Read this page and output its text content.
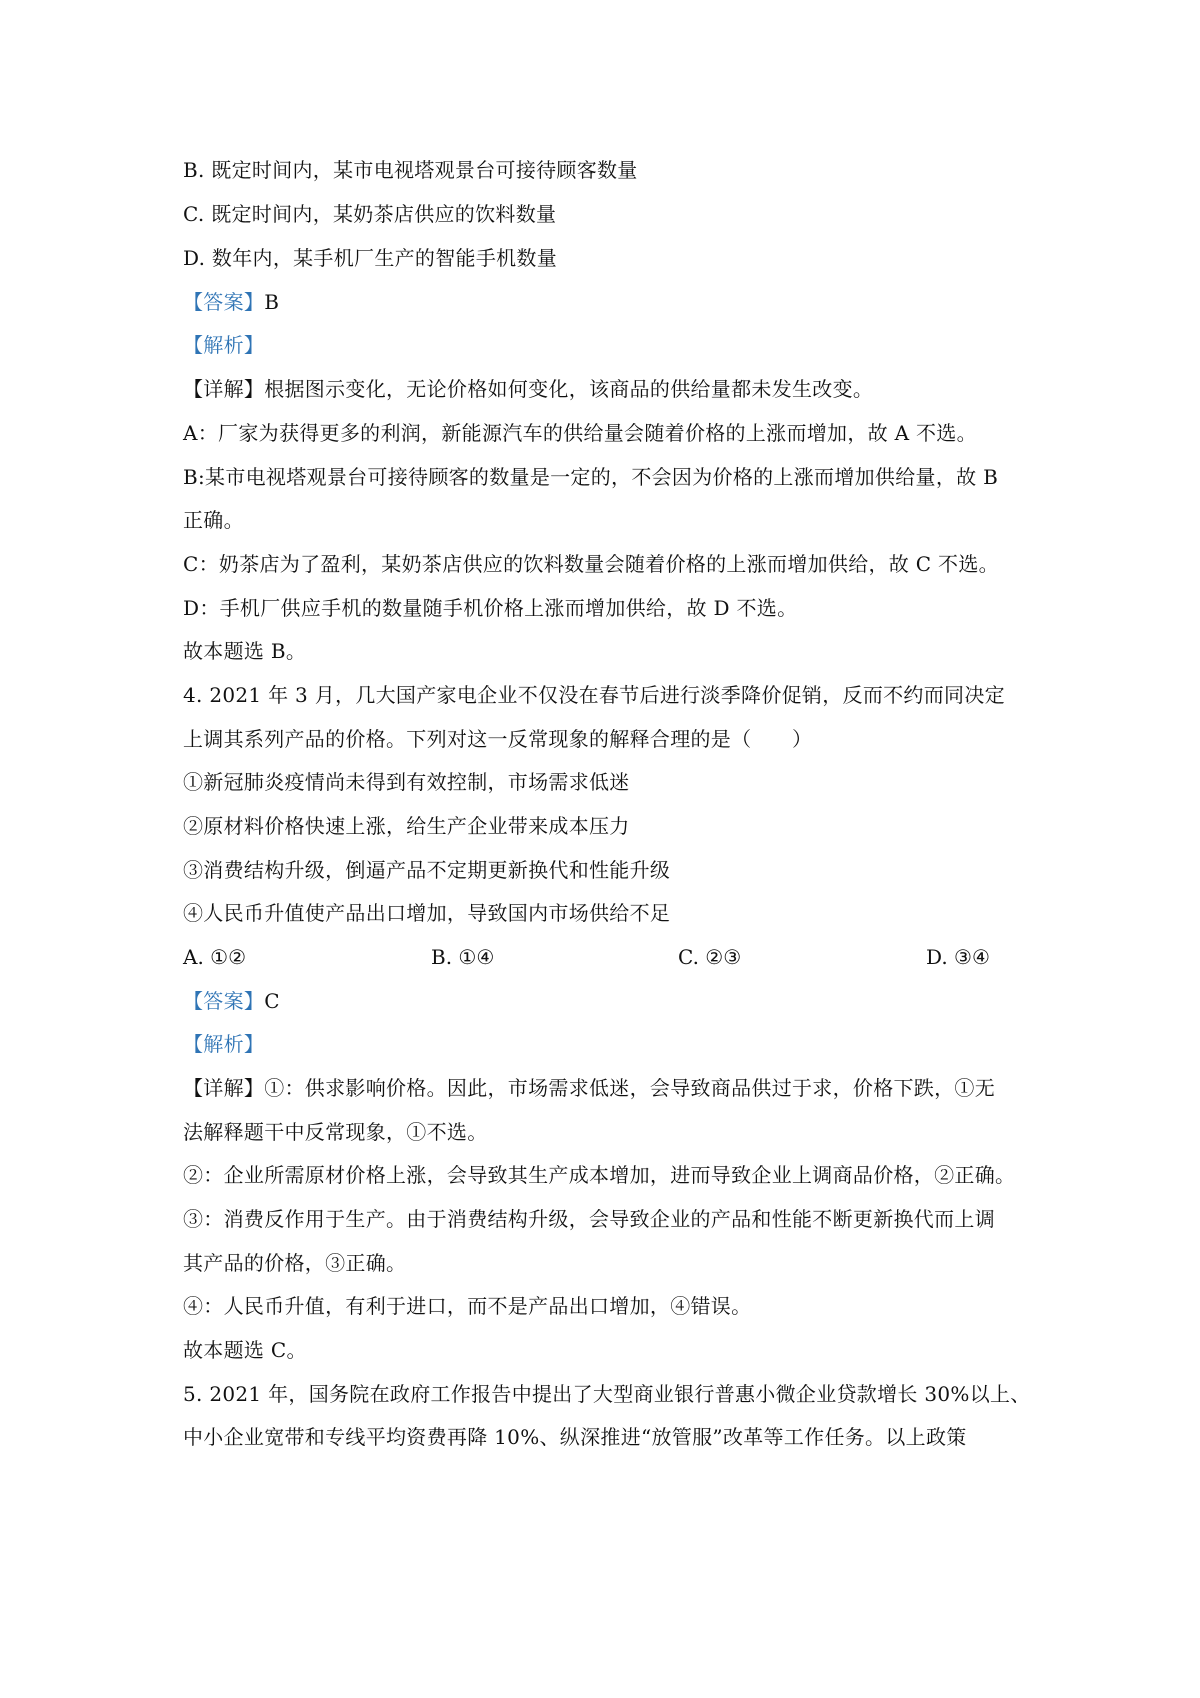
B. 既定时间内，某市电视塔观景台可接待顾客数量
C. 既定时间内，某奶茶店供应的饮料数量
D. 数年内，某手机厂生产的智能手机数量
【答案】B
【解析】
【详解】根据图示变化，无论价格如何变化，该商品的供给量都未发生改变。
A：厂家为获得更多的利润，新能源汽车的供给量会随着价格的上涨而增加，故 A 不选。
B:某市电视塔观景台可接待顾客的数量是一定的，不会因为价格的上涨而增加供给量，故 B
正确。
C：奶茶店为了盈利，某奶茶店供应的饮料数量会随着价格的上涨而增加供给，故 C 不选。
D：手机厂供应手机的数量随手机价格上涨而增加供给，故 D 不选。
故本题选 B。
4. 2021 年 3 月，几大国产家电企业不仅没在春节后进行淡季降价促销，反而不约而同决定
上调其系列产品的价格。下列对这一反常现象的解释合理的是（　　）
①新冠肺炎疫情尚未得到有效控制，市场需求低迷
②原材料价格快速上涨，给生产企业带来成本压力
③消费结构升级，倒逼产品不定期更新换代和性能升级
④人民币升值使产品出口增加，导致国内市场供给不足
A. ①②	B. ①④	C. ②③	D. ③④
【答案】C
【解析】
【详解】①：供求影响价格。因此，市场需求低迷，会导致商品供过于求，价格下跌，①无
法解释题干中反常现象，①不选。
②：企业所需原材价格上涨，会导致其生产成本增加，进而导致企业上调商品价格，②正确。
③：消费反作用于生产。由于消费结构升级，会导致企业的产品和性能不断更新换代而上调
其产品的价格，③正确。
④：人民币升值，有利于进口，而不是产品出口增加，④错误。
故本题选 C。
5. 2021 年，国务院在政府工作报告中提出了大型商业银行普惠小微企业贷款增长 30%以上、
中小企业宽带和专线平均资费再降 10%、纵深推进“放管服”改革等工作任务。以上政策
